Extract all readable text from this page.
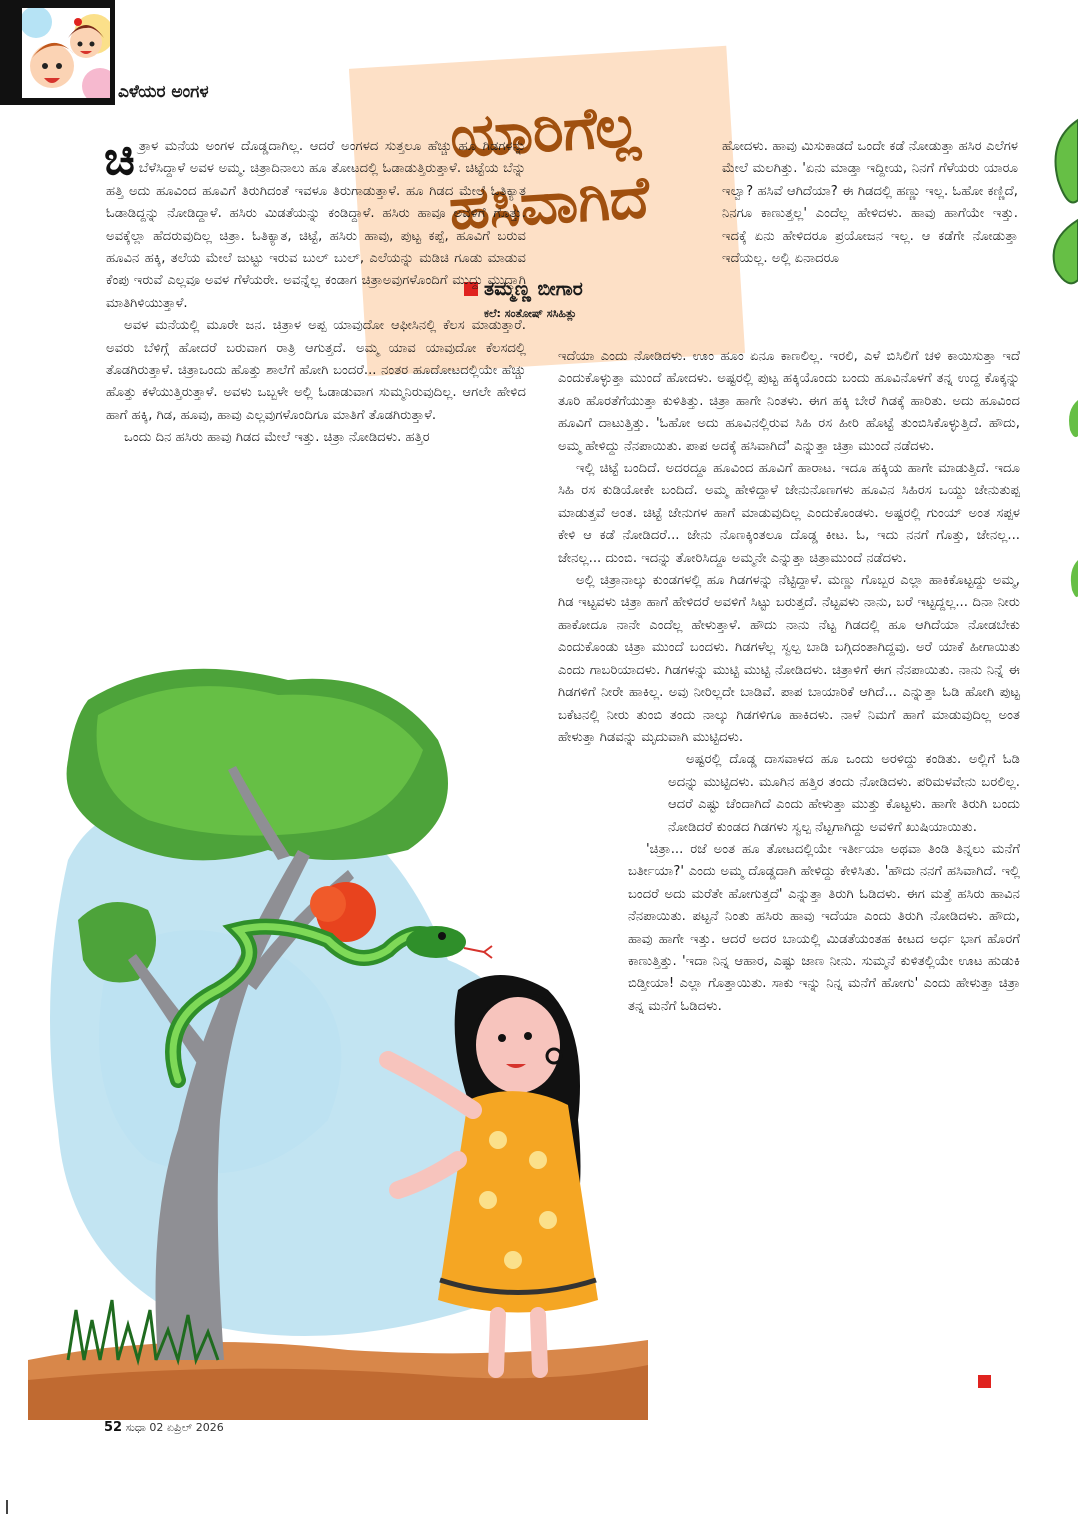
ಎಳೆಯರ ಅಂಗಳ	ಯಾರಿಗೆಲ್ಲ
ಹಸಿವಾಗಿದೆ
ತಮ್ಮಣ್ಣ ಬೀಗಾರ
ಕಲೆ: ಸಂತೋಷ್ ಸಸಿಹಿತ್ಲು

ಚಿತ್ರಾಳ ಮನೆಯ ಅಂಗಳ ದೊಡ್ಡದಾಗಿಲ್ಲ. ಆದರೆ ಅಂಗಳದ ಸುತ್ತಲೂ ಹೆಚ್ಚು ಹೂ ಗಿಡಗಳನ್ನು ಬೆಳೆಸಿದ್ದಾಳೆ ಅವಳ ಅಮ್ಮ. ಚಿತ್ರಾದಿನಾಲು ಹೂ ತೋಟದಲ್ಲಿ ಓಡಾಡುತ್ತಿರುತ್ತಾಳೆ. ಚಿಟ್ಟೆಯ ಬೆನ್ನು ಹತ್ತಿ ಅದು ಹೂವಿಂದ ಹೂವಿಗೆ ತಿರುಗಿದಂತೆ ಇವಳೂ ತಿರುಗಾಡುತ್ತಾಳೆ. ಹೂ ಗಿಡದ ಮೇಲೆ ಓತಿಕ್ಯಾತ ಓಡಾಡಿದ್ದನ್ನು ನೋಡಿದ್ದಾಳೆ. ಹಸಿರು ಮಿಡತೆಯನ್ನು ಕಂಡಿದ್ದಾಳೆ. ಹಸಿರು ಹಾವೂ ಅವಳಿಗೆ ಗೊತ್ತು. ಅವಕ್ಕೆಲ್ಲಾ ಹೆದರುವುದಿಲ್ಲ ಚಿತ್ರಾ. ಓತಿಕ್ಯಾತ, ಚಿಟ್ಟೆ, ಹಸಿರು ಹಾವು, ಪುಟ್ಟ ಕಪ್ಪೆ, ಹೂವಿಗೆ ಬರುವ ಹೂವಿನ ಹಕ್ಕಿ, ತಲೆಯ ಮೇಲೆ ಜುಟ್ಟು ಇರುವ ಬುಲ್ ಬುಲ್, ಎಲೆಯನ್ನು ಮಡಿಚಿ ಗೂಡು ಮಾಡುವ ಕೆಂಪು ಇರುವೆ ಎಲ್ಲವೂ ಅವಳ ಗೆಳೆಯರೇ. ಅವನ್ನೆಲ್ಲ ಕಂಡಾಗ ಚಿತ್ರಾಅವುಗಳೊಂದಿಗೆ ಮುದ್ದು ಮುದ್ದಾಗಿ ಮಾತಿಗಿಳಿಯುತ್ತಾಳೆ.

ಅವಳ ಮನೆಯಲ್ಲಿ ಮೂರೇ ಜನ. ಚಿತ್ರಾಳ ಅಪ್ಪ ಯಾವುದೋ ಆಫೀಸಿನಲ್ಲಿ ಕೆಲಸ ಮಾಡುತ್ತಾರೆ. ಅವರು ಬೆಳಿಗ್ಗೆ ಹೋದರೆ ಬರುವಾಗ ರಾತ್ರಿ ಆಗುತ್ತದೆ. ಅಮ್ಮ ಯಾವ ಯಾವುದೋ ಕೆಲಸದಲ್ಲಿ ತೊಡಗಿರುತ್ತಾಳೆ. ಚಿತ್ರಾಒಂದು ಹೊತ್ತು ಶಾಲೆಗೆ ಹೋಗಿ ಬಂದರೆ... ನಂತರ ಹೂದೋಟದಲ್ಲಿಯೇ ಹೆಚ್ಚು ಹೊತ್ತು ಕಳೆಯುತ್ತಿರುತ್ತಾಳೆ. ಅವಳು ಒಬ್ಬಳೇ ಅಲ್ಲಿ ಓಡಾಡುವಾಗ ಸುಮ್ಮನಿರುವುದಿಲ್ಲ. ಆಗಲೇ ಹೇಳಿದ ಹಾಗೆ ಹಕ್ಕಿ, ಗಿಡ, ಹೂವು, ಹಾವು ಎಲ್ಲವುಗಳೊಂದಿಗೂ ಮಾತಿಗೆ ತೊಡಗಿರುತ್ತಾಳೆ.

ಒಂದು ದಿನ ಹಸಿರು ಹಾವು ಗಿಡದ ಮೇಲೆ ಇತ್ತು. ಚಿತ್ರಾ ನೋಡಿದಳು. ಹತ್ತಿರ

ಹೋದಳು. ಹಾವು ಮಿಸುಕಾಡದೆ ಒಂದೇ ಕಡೆ ನೋಡುತ್ತಾ ಹಸಿರ ಎಲೆಗಳ ಮೇಲೆ ಮಲಗಿತ್ತು. 'ಏನು ಮಾಡ್ತಾ ಇದ್ದೀಯ, ನಿನಗೆ ಗೆಳೆಯರು ಯಾರೂ ಇಲ್ವಾ? ಹಸಿವೆ ಆಗಿದೆಯಾ? ಈ ಗಿಡದಲ್ಲಿ ಹಣ್ಣು ಇಲ್ಲ. ಓಹೋ ಕಣ್ಣಿದೆ, ನಿನಗೂ ಕಾಣುತ್ತಲ್ಲ' ಎಂದೆಲ್ಲ ಹೇಳಿದಳು. ಹಾವು ಹಾಗೆಯೇ ಇತ್ತು. ಇದಕ್ಕೆ ಏನು ಹೇಳಿದರೂ ಪ್ರಯೋಜನ ಇಲ್ಲ. ಆ ಕಡೆಗೇ ನೋಡುತ್ತಾ ಇದೆಯಲ್ಲ. ಅಲ್ಲಿ ಏನಾದರೂ

ಇದೆಯಾ ಎಂದು ನೋಡಿದಳು. ಊಂ ಹೂಂ ಏನೂ ಕಾಣಲಿಲ್ಲ. ಇರಲಿ, ಎಳೆ ಬಿಸಿಲಿಗೆ ಚಳಿ ಕಾಯಿಸುತ್ತಾ ಇದೆ ಎಂದುಕೊಳ್ಳುತ್ತಾ ಮುಂದೆ ಹೋದಳು. ಅಷ್ಟರಲ್ಲಿ ಪುಟ್ಟ ಹಕ್ಕಿಯೊಂದು ಬಂದು ಹೂವಿನೊಳಗೆ ತನ್ನ ಉದ್ದ ಕೊಕ್ಕನ್ನು ತೂರಿ ಹೊರತೆಗೆಯುತ್ತಾ ಕುಳಿತಿತ್ತು. ಚಿತ್ರಾ ಹಾಗೇ ನಿಂತಳು. ಈಗ ಹಕ್ಕಿ ಬೇರೆ ಗಿಡಕ್ಕೆ ಹಾರಿತು. ಅದು ಹೂವಿಂದ ಹೂವಿಗೆ ದಾಟುತ್ತಿತ್ತು. 'ಓಹೋ ಅದು ಹೂವಿನಲ್ಲಿರುವ ಸಿಹಿ ರಸ ಹೀರಿ ಹೊಟ್ಟೆ ತುಂಬಿಸಿಕೊಳ್ಳುತ್ತಿದೆ. ಹೌದು, ಅಮ್ಮ ಹೇಳಿದ್ದು ನೆನಪಾಯಿತು. ಪಾಪ ಅದಕ್ಕೆ ಹಸಿವಾಗಿದೆ' ಎನ್ನುತ್ತಾ ಚಿತ್ರಾ ಮುಂದೆ ನಡೆದಳು.

ಇಲ್ಲಿ ಚಿಟ್ಟೆ ಬಂದಿದೆ. ಅದರದ್ದೂ ಹೂವಿಂದ ಹೂವಿಗೆ ಹಾರಾಟ. ಇದೂ ಹಕ್ಕಿಯ ಹಾಗೇ ಮಾಡುತ್ತಿದೆ. ಇದೂ ಸಿಹಿ ರಸ ಕುಡಿಯೋಕೇ ಬಂದಿದೆ. ಅಮ್ಮ ಹೇಳಿದ್ದಾಳೆ ಜೇನುನೊಣಗಳು ಹೂವಿನ ಸಿಹಿರಸ ಒಯ್ದು ಜೇನುತುಪ್ಪ ಮಾಡುತ್ತವೆ ಅಂತ. ಚಿಟ್ಟೆ ಜೇನುಗಳ ಹಾಗೆ ಮಾಡುವುದಿಲ್ಲ ಎಂದುಕೊಂಡಳು. ಅಷ್ಟರಲ್ಲಿ ಗುಂಯ್ ಅಂತ ಸಪ್ಪಳ ಕೇಳಿ ಆ ಕಡೆ ನೋಡಿದರೆ... ಜೇನು ನೊಣಕ್ಕಿಂತಲೂ ದೊಡ್ಡ ಕೀಟ. ಓ, ಇದು ನನಗೆ ಗೊತ್ತು, ಜೇನಲ್ಲ... ಜೇನಲ್ಲ... ದುಂಬಿ. ಇದನ್ನು ತೋರಿಸಿದ್ದೂ ಅಮ್ಮನೇ ಎನ್ನುತ್ತಾ ಚಿತ್ರಾಮುಂದೆ ನಡೆದಳು.

ಅಲ್ಲಿ ಚಿತ್ರಾನಾಲ್ಕು ಕುಂಡಗಳಲ್ಲಿ ಹೂ ಗಿಡಗಳನ್ನು ನೆಟ್ಟಿದ್ದಾಳೆ. ಮಣ್ಣು ಗೊಬ್ಬರ ಎಲ್ಲಾ ಹಾಕಿಕೊಟ್ಟದ್ದು ಅಮ್ಮ, ಗಿಡ ಇಟ್ಟವಳು ಚಿತ್ರಾ ಹಾಗೆ ಹೇಳಿದರೆ ಅವಳಿಗೆ ಸಿಟ್ಟು ಬರುತ್ತದೆ. ನೆಟ್ಟವಳು ನಾನು, ಬರೆ ಇಟ್ಟದ್ದಲ್ಲ... ದಿನಾ ನೀರು ಹಾಕೋದೂ ನಾನೇ ಎಂದೆಲ್ಲ ಹೇಳುತ್ತಾಳೆ. ಹೌದು ನಾನು ನೆಟ್ಟ ಗಿಡದಲ್ಲಿ ಹೂ ಆಗಿದೆಯಾ ನೋಡಬೇಕು ಎಂದುಕೊಂಡು ಚಿತ್ರಾ ಮುಂದೆ ಬಂದಳು. ಗಿಡಗಳೆಲ್ಲ ಸ್ವಲ್ಪ ಬಾಡಿ ಬಗ್ಗಿದಂತಾಗಿದ್ದವು. ಅರೆ ಯಾಕೆ ಹೀಗಾಯಿತು ಎಂದು ಗಾಬರಿಯಾದಳು. ಗಿಡಗಳನ್ನು ಮುಟ್ಟಿ ಮುಟ್ಟಿ ನೋಡಿದಳು. ಚಿತ್ರಾಳಿಗೆ ಈಗ ನೆನಪಾಯಿತು. ನಾನು ನಿನ್ನೆ ಈ ಗಿಡಗಳಿಗೆ ನೀರೇ ಹಾಕಿಲ್ಲ. ಅವು ನೀರಿಲ್ಲದೇ ಬಾಡಿವೆ. ಪಾಪ ಬಾಯಾರಿಕೆ ಆಗಿದೆ... ಎನ್ನುತ್ತಾ ಓಡಿ ಹೋಗಿ ಪುಟ್ಟ ಬಕೆಟನಲ್ಲಿ ನೀರು ತುಂಬಿ ತಂದು ನಾಲ್ಕು ಗಿಡಗಳಿಗೂ ಹಾಕಿದಳು. ನಾಳೆ ನಿಮಗೆ ಹಾಗೆ ಮಾಡುವುದಿಲ್ಲ ಅಂತ ಹೇಳುತ್ತಾ ಗಿಡವನ್ನು ಮೃದುವಾಗಿ ಮುಟ್ಟಿದಳು.

ಅಷ್ಟರಲ್ಲಿ ದೊಡ್ಡ ದಾಸವಾಳದ ಹೂ ಒಂದು ಅರಳಿದ್ದು ಕಂಡಿತು. ಅಲ್ಲಿಗೆ ಓಡಿ ಅದನ್ನು ಮುಟ್ಟಿದಳು. ಮೂಗಿನ ಹತ್ತಿರ ತಂದು ನೋಡಿದಳು. ಪರಿಮಳವೇನು ಬರಲಿಲ್ಲ. ಆದರೆ ಎಷ್ಟು ಚೆಂದಾಗಿದೆ ಎಂದು ಹೇಳುತ್ತಾ ಮುತ್ತು ಕೊಟ್ಟಳು. ಹಾಗೇ ತಿರುಗಿ ಬಂದು ನೋಡಿದರೆ ಕುಂಡದ ಗಿಡಗಳು ಸ್ವಲ್ಪ ನೆಟ್ಟಗಾಗಿದ್ದು ಅವಳಿಗೆ ಖುಷಿಯಾಯಿತು.

'ಚಿತ್ರಾ... ರಜೆ ಅಂತ ಹೂ ತೋಟದಲ್ಲಿಯೇ ಇರ್ತೀಯಾ ಅಥವಾ ತಿಂಡಿ ತಿನ್ನಲು ಮನೆಗೆ ಬರ್ತೀಯಾ?' ಎಂದು ಅಮ್ಮ ದೊಡ್ಡದಾಗಿ ಹೇಳಿದ್ದು ಕೇಳಿಸಿತು. 'ಹೌದು ನನಗೆ ಹಸಿವಾಗಿದೆ. ಇಲ್ಲಿ ಬಂದರೆ ಅದು ಮರೆತೇ ಹೋಗುತ್ತದೆ' ಎನ್ನುತ್ತಾ ತಿರುಗಿ ಓಡಿದಳು. ಈಗ ಮತ್ತೆ ಹಸಿರು ಹಾವಿನ ನೆನಪಾಯಿತು. ಪಟ್ಟನೆ ನಿಂತು ಹಸಿರು ಹಾವು ಇದೆಯಾ ಎಂದು ತಿರುಗಿ ನೋಡಿದಳು. ಹೌದು, ಹಾವು ಹಾಗೇ ಇತ್ತು. ಆದರೆ ಅದರ ಬಾಯಲ್ಲಿ ಮಿಡತೆಯಂತಹ ಕೀಟದ ಅರ್ಧ ಭಾಗ ಹೊರಗೆ ಕಾಣುತ್ತಿತ್ತು. 'ಇದಾ ನಿನ್ನ ಆಹಾರ, ಎಷ್ಟು ಜಾಣ ನೀನು. ಸುಮ್ಮನೆ ಕುಳಿತಲ್ಲಿಯೇ ಊಟ ಹುಡುಕಿ ಬಿಡ್ತೀಯಾ! ಎಲ್ಲಾ ಗೊತ್ತಾಯಿತು. ಸಾಕು ಇನ್ನು ನಿನ್ನ ಮನೆಗೆ ಹೋಗು' ಎಂದು ಹೇಳುತ್ತಾ ಚಿತ್ರಾ ತನ್ನ ಮನೆಗೆ ಓಡಿದಳು.

52 ಸುಧಾ 02 ಏಪ್ರಿಲ್ 2026
